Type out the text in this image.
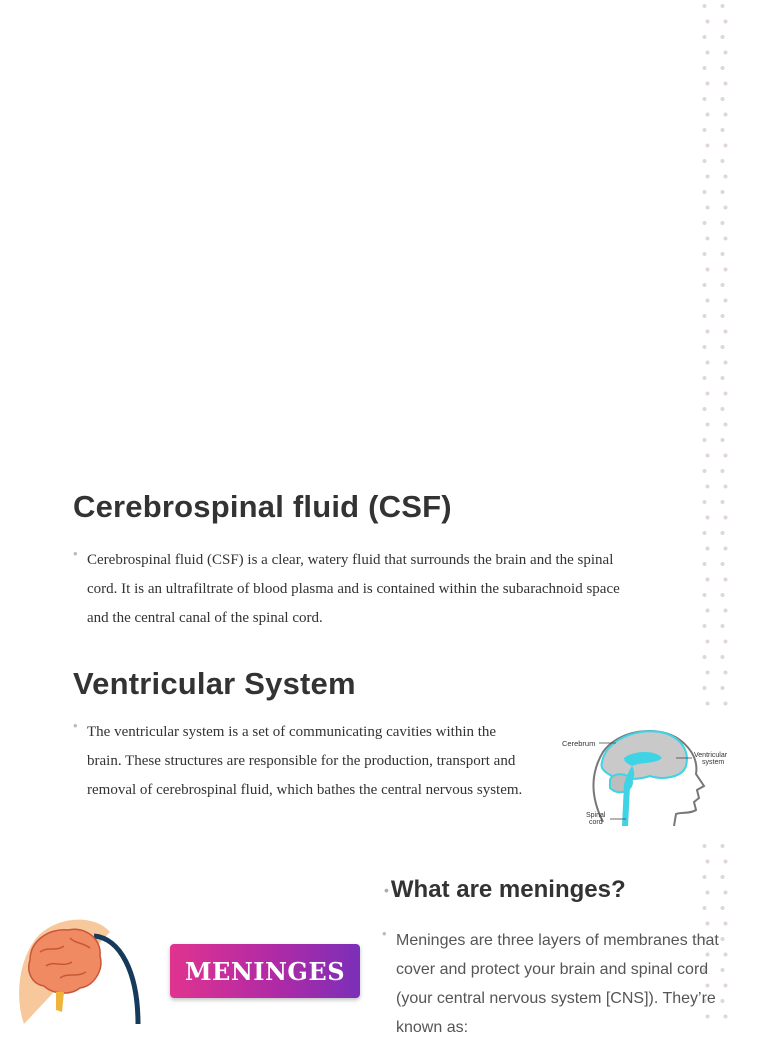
Cerebrospinal fluid (CSF)
• Cerebrospinal fluid (CSF) is a clear, watery fluid that surrounds the brain and the spinal

cord. It is an ultrafiltrate of blood plasma and is contained within the subarachnoid space

and the central canal of the spinal cord.

Ventricular System
• The ventricular system is a set of communicating cavities within the

brain. These structures are responsible for the production, transport and

removal of cerebrospinal fluid, which bathes the central nervous system.

Cerebrum
Ventricular
system
Spinal
cord
• What are meninges?
• Meninges are three layers of membranes that

cover and protect your brain and spinal cord

(your central nervous system [CNS]). They’re

known as:

MENINGES
